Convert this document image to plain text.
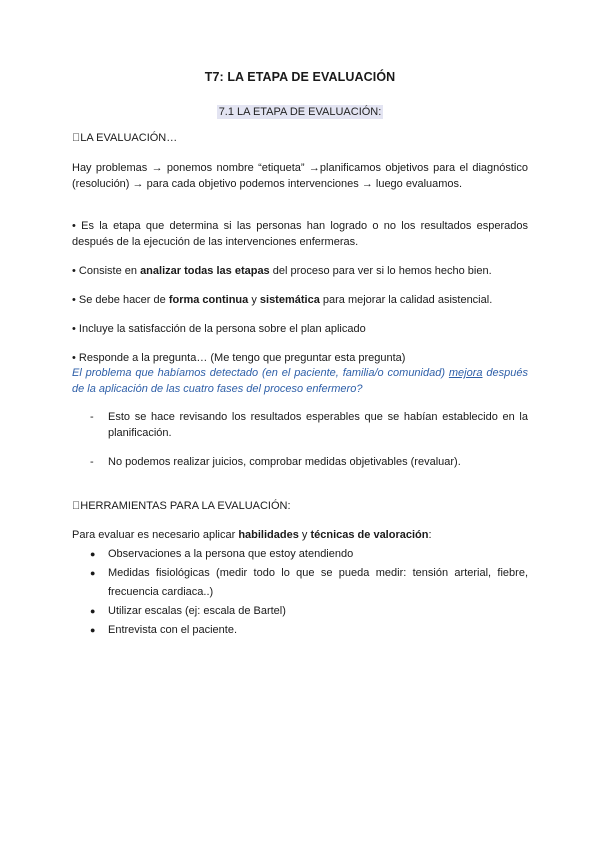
T7: LA ETAPA DE EVALUACIÓN
7.1 LA ETAPA DE EVALUACIÓN:
LA EVALUACIÓN…
Hay problemas → ponemos nombre “etiqueta” →planificamos objetivos para el diagnóstico (resolución) → para cada objetivo podemos intervenciones → luego evaluamos.
• Es la etapa que determina si las personas han logrado o no los resultados esperados después de la ejecución de las intervenciones enfermeras.
• Consiste en analizar todas las etapas del proceso para ver si lo hemos hecho bien.
• Se debe hacer de forma continua y sistemática para mejorar la calidad asistencial.
• Incluye la satisfacción de la persona sobre el plan aplicado
• Responde a la pregunta… (Me tengo que preguntar esta pregunta)
El problema que habíamos detectado (en el paciente, familia/o comunidad) mejora después de la aplicación de las cuatro fases del proceso enfermero?
- Esto se hace revisando los resultados esperables que se habían establecido en la planificación.
- No podemos realizar juicios, comprobar medidas objetivables (revaluar).
HERRAMIENTAS PARA LA EVALUACIÓN:
Para evaluar es necesario aplicar habilidades y técnicas de valoración:
● Observaciones a la persona que estoy atendiendo
● Medidas fisiológicas (medir todo lo que se pueda medir: tensión arterial, fiebre, frecuencia cardiaca..)
● Utilizar escalas (ej: escala de Bartel)
● Entrevista con el paciente.
